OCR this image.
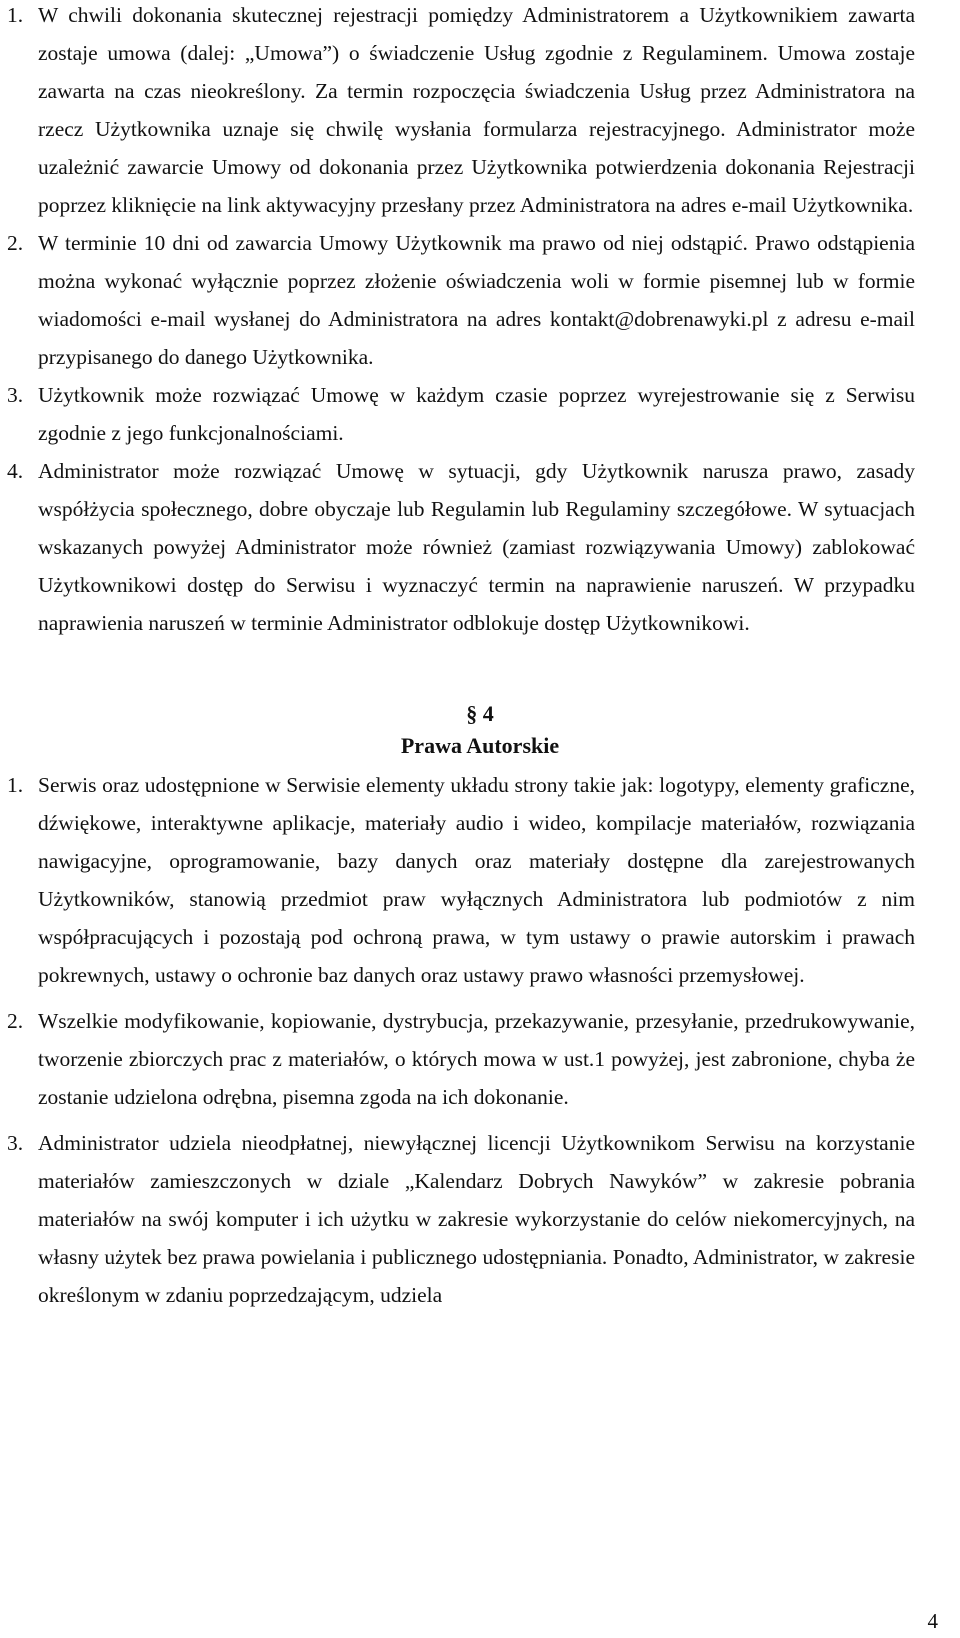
1. W chwili dokonania skutecznej rejestracji pomiędzy Administratorem a Użytkownikiem zawarta zostaje umowa (dalej: „Umowa”) o świadczenie Usług zgodnie z Regulaminem. Umowa zostaje zawarta na czas nieokreślony. Za termin rozpoczęcia świadczenia Usług przez Administratora na rzecz Użytkownika uznaje się chwilę wysłania formularza rejestracyjnego. Administrator może uzależnić zawarcie Umowy od dokonania przez Użytkownika potwierdzenia dokonania Rejestracji poprzez kliknięcie na link aktywacyjny przesłany przez Administratora na adres e-mail Użytkownika.

2. W terminie 10 dni od zawarcia Umowy Użytkownik ma prawo od niej odstąpić. Prawo odstąpienia można wykonać wyłącznie poprzez złożenie oświadczenia woli w formie pisemnej lub w formie wiadomości e-mail wysłanej do Administratora na adres kontakt@dobrenawyki.pl z adresu e-mail przypisanego do danego Użytkownika.

3. Użytkownik może rozwiązać Umowę w każdym czasie poprzez wyrejestrowanie się z Serwisu zgodnie z jego funkcjonalnościami.

4. Administrator może rozwiązać Umowę w sytuacji, gdy Użytkownik narusza prawo, zasady współżycia społecznego, dobre obyczaje lub Regulamin lub Regulaminy szczegółowe. W sytuacjach wskazanych powyżej Administrator może również (zamiast rozwiązywania Umowy) zablokować Użytkownikowi dostęp do Serwisu i wyznaczyć termin na naprawienie naruszeń. W przypadku naprawienia naruszeń w terminie Administrator odblokuje dostęp Użytkownikowi.

§ 4
Prawa Autorskie

1. Serwis oraz udostępnione w Serwisie elementy układu strony takie jak: logotypy, elementy graficzne, dźwiękowe, interaktywne aplikacje, materiały audio i wideo, kompilacje materiałów, rozwiązania nawigacyjne, oprogramowanie, bazy danych oraz materiały dostępne dla zarejestrowanych Użytkowników, stanowią przedmiot praw wyłącznych Administratora lub podmiotów z nim współpracujących i pozostają pod ochroną prawa, w tym ustawy o prawie autorskim i prawach pokrewnych, ustawy o ochronie baz danych oraz ustawy prawo własności przemysłowej.

2. Wszelkie modyfikowanie, kopiowanie, dystrybucja, przekazywanie, przesyłanie, przedrukowywanie, tworzenie zbiorczych prac z materiałów, o których mowa w ust.1 powyżej, jest zabronione, chyba że zostanie udzielona odrębna, pisemna zgoda na ich dokonanie.

3. Administrator udziela nieodpłatnej, niewyłącznej licencji Użytkownikom Serwisu na korzystanie materiałów zamieszczonych w dziale „Kalendarz Dobrych Nawyków” w zakresie pobrania materiałów na swój komputer i ich użytku w zakresie wykorzystanie do celów niekomercyjnych, na własny użytek bez prawa powielania i publicznego udostępniania. Ponadto, Administrator, w zakresie określonym w zdaniu poprzedzającym, udziela

4
